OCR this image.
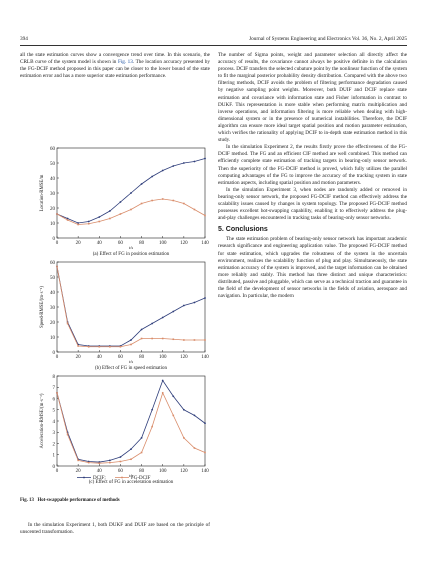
394	Journal of Systems Engineering and Electronics Vol. 36, No. 2, April 2025

all the state estimation curves show a convergence trend over time. In this scenario, the CRLB curve of the system model is shown in Fig. 13. The location accuracy presented by the FG-DCIF method proposed in this paper can be closer to the lower bound of the state estimation error and has a more superior state estimation performance.

0
10
20
30
40
50
60
0	20	40	60	80	100	120	140
t/s
Location-RMSE/m
(a) Effect of FG in position estimation
0
10
20
30
40
50
60
0	20	40	60	80	100	120	140
t/s
Speed-RMSE/(m·s⁻¹)
(b) Effect of FG in speed estimation
0
1
2
3
4
5
6
7
8
0	20	40	60	80	100	120	140
t/s
Acceleration-RMSE/(m·s⁻²)
(c) Effect of FG in acceleration estimation
DCIF;	FG-DCIF
Fig. 13 Hot-swappable performance of methods

In the simulation Experiment 1, both DUKF and DUIF are based on the principle of unscented transformation.

The number of Sigma points, weight and parameter selection all directly affect the accuracy of results, the covariance cannot always be positive definite in the calculation process. DCIF transfers the selected cubature point by the nonlinear function of the system to fit the marginal posterior probability density distribution. Compared with the above two filtering methods, DCIF avoids the problem of filtering performance degradation caused by negative sampling point weights. Moreover, both DUIF and DCIF replace state estimation and covariance with information state and Fisher information in contrast to DUKF. This representation is more stable when performing matrix multiplication and inverse operations, and information filtering is more reliable when dealing with high-dimensional system or in the presence of numerical instabilities. Therefore, the DCIF algorithm can ensure more ideal target spatial position and motion parameter estimation, which verifies the rationality of applying DCIF to in-depth state estimation method in this study.

In the simulation Experiment 2, the results firstly prove the effectiveness of the FG-DCIF method. The FG and an efficient CIF method are well combined. This method can efficiently complete state estimation of tracking targets in bearing-only sensor network. Then the superiority of the FG-DCIF method is proved, which fully utilizes the parallel computing advantages of the FG to improve the accuracy of the tracking system in state estimation aspects, including spatial position and motion parameters.

In the simulation Experiment 3, when nodes are randomly added or removed in bearing-only sensor network, the proposed FG-DCIF method can effectively address the scalability issues caused by changes in system topology. The proposed FG-DCIF method possesses excellent hot-swapping capability, enabling it to effectively address the plug-and-play challenges encountered in tracking tasks of bearing-only sensor networks.

5. Conclusions

The state estimation problem of bearing-only sensor network has important academic research significance and engineering application value. The proposed FG-DCIF method for state estimation, which upgrades the robustness of the system in the uncertain environment, realizes the scalability function of plug and play. Simultaneously, the state estimation accuracy of the system is improved, and the target information can be obtained more reliably and stably. This method has three distinct and unique characteristics: distributed, passive and pluggable, which can serve as a technical traction and guarantee in the field of the development of sensor networks in the fields of aviation, aerospace and navigation. In particular, the modern
